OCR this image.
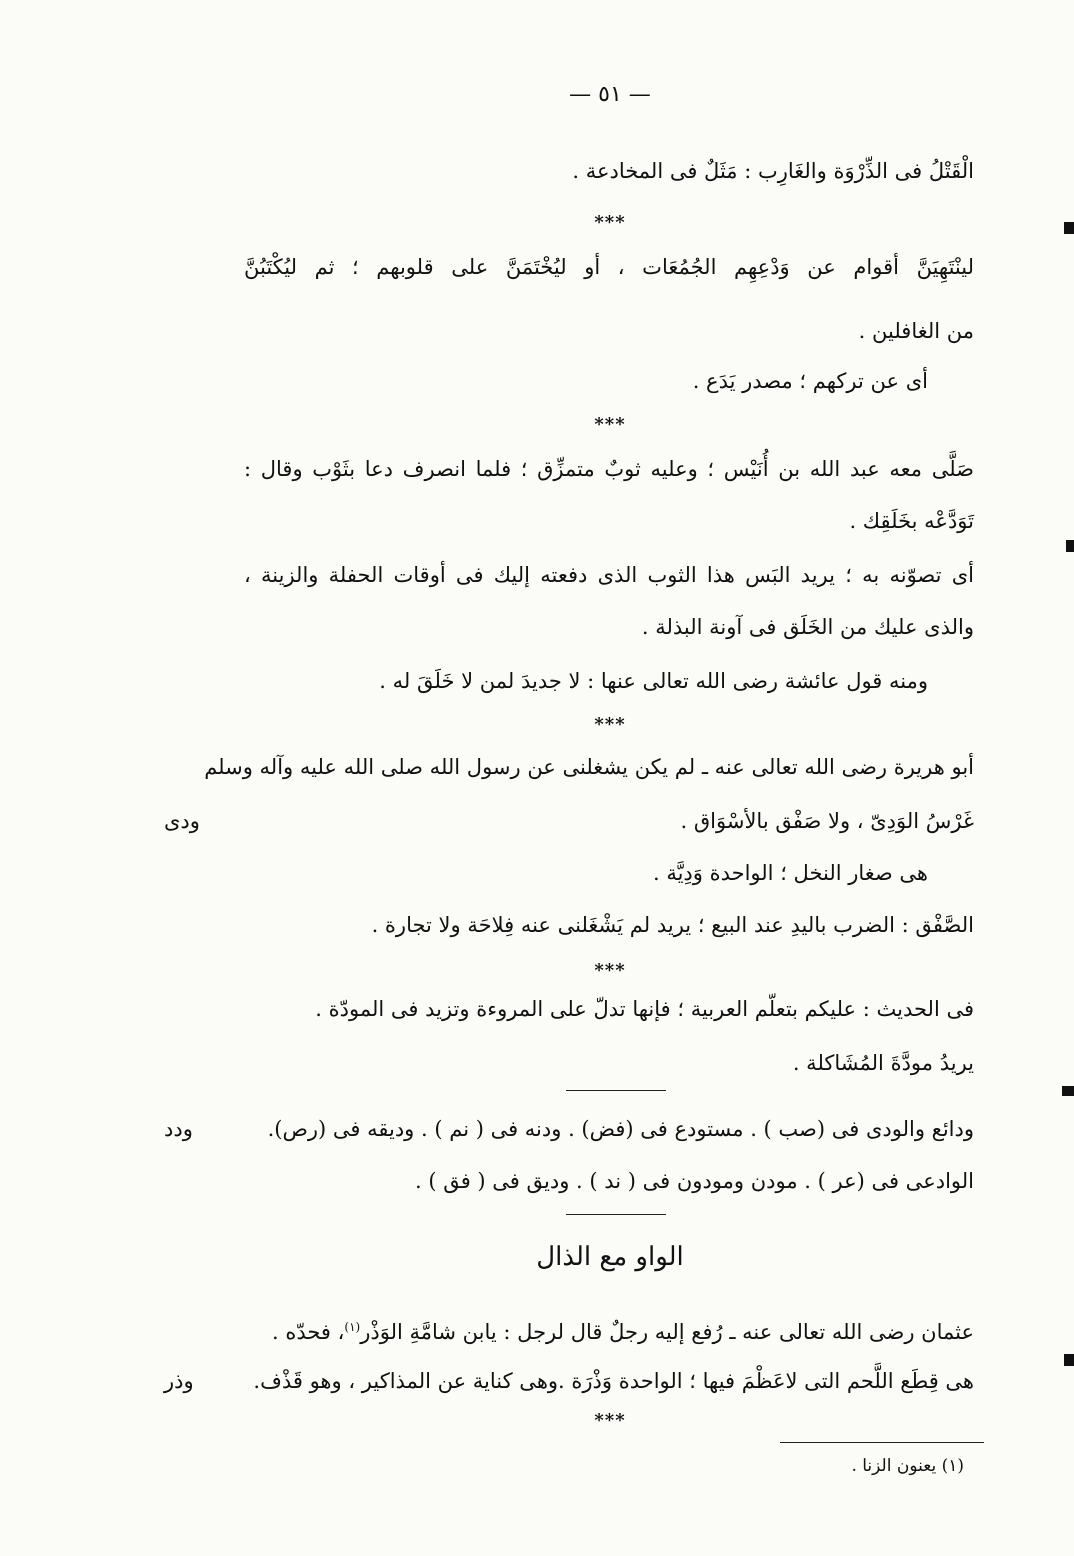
— ٥١ —
الْقَتْلُ فى الذِّرْوَة والغَارِب : مَثَلٌ فى المخادعة .
***
لينْتَهِيَنَّ أقوام عن وَدْعِهِم الجُمُعَات ، أو ليُخْتَمَنَّ على قلوبهم ؛ ثم ليُكْتَبُنَّ
من الغافلين .
أى عن تركهم ؛ مصدر يَدَع .
***
صَلَّى معه عبد الله بن أُنَيْس ؛ وعليه ثوبٌ متمزِّق ؛ فلما انصرف دعا بثَوْب وقال :
تَوَدَّعْه بخَلَقِك .
أى تصوّنه به ؛ يريد البَس هذا الثوب الذى دفعته إليك فى أوقات الحفلة والزينة ،
والذى عليك من الخَلَق فى آونة البذلة .
ومنه قول عائشة رضى الله تعالى عنها : لا جديدَ لمن لا خَلَقَ له .
***
أبو هريرة رضى الله تعالى عنه ـ لم يكن يشغلنى عن رسول الله صلى الله عليه وآله وسلم
غَرْسُ الوَدِىّ ، ولا صَفْق بالأسْوَاق .
ودى
هى صغار النخل ؛ الواحدة وَدِيَّة .
الصَّفْق : الضرب باليدِ عند البيع ؛ يريد لم يَشْغَلنى عنه فِلاحَة ولا تجارة .
***
فى الحديث : عليكم بتعلّم العربية ؛ فإنها تدلّ على المروءة وتزيد فى المودّة .
يريدُ مودَّةَ المُشَاكلة .
ودائع والودى فى (صب ) . مستودع فى (فض) . ودنه فى ( نم ) . وديقه فى (رص).
ودد
الوادعى فى (عر ) . مودن ومودون فى ( ند ) . وديق فى ( فق ) .
الواو مع الذال
عثمان رضى الله تعالى عنه ـ رُفع إليه رجلٌ قال لرجل : يابن شامَّةِ الوَذْر$^{(١)}$، فحدّه .
هى قِطَع اللَّحم التى لاعَظْمَ فيها ؛ الواحدة وَذْرَة .وهى كناية عن المذاكير ، وهو قَذْف.
وذر
***
(١) يعنون الزنا .
